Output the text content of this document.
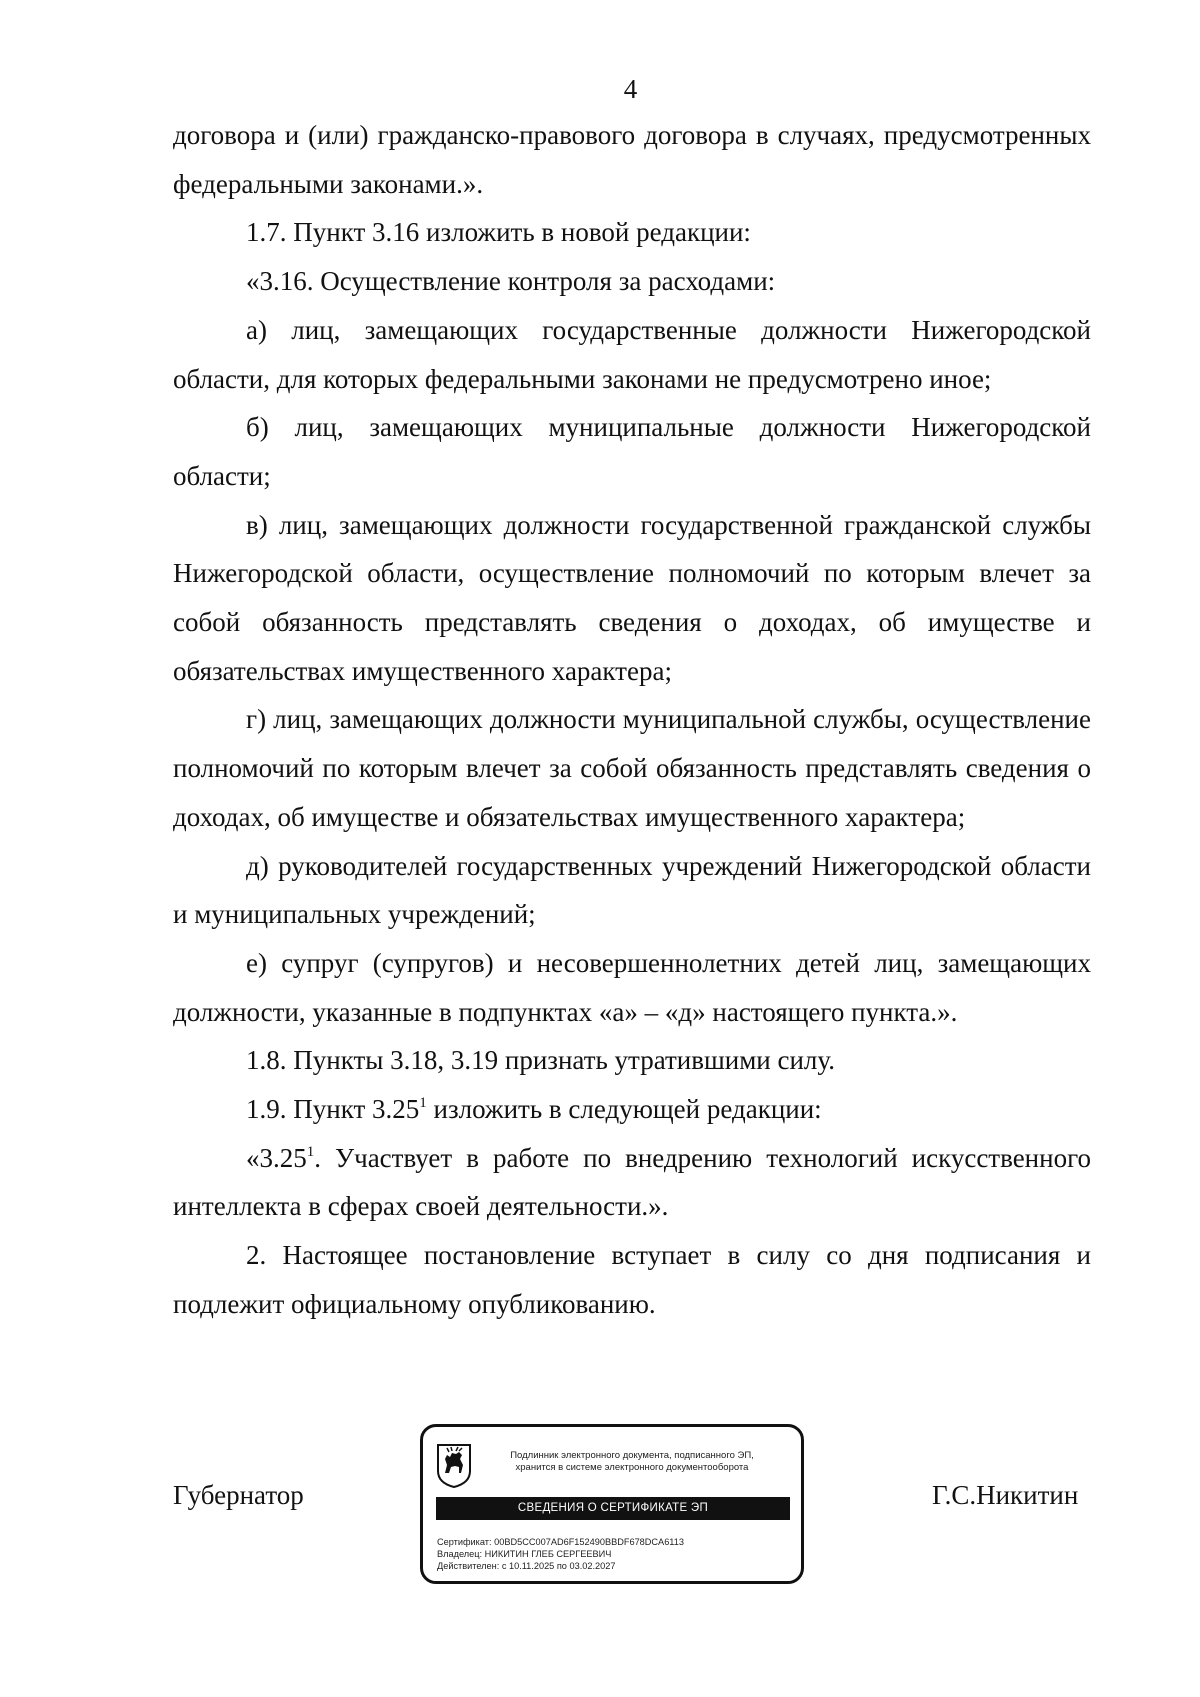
4

договора и (или) гражданско-правового договора в случаях, предусмотренных федеральными законами.».

1.7. Пункт 3.16 изложить в новой редакции:

«3.16. Осуществление контроля за расходами:

а) лиц, замещающих государственные должности Нижегородской области, для которых федеральными законами не предусмотрено иное;

б) лиц, замещающих муниципальные должности Нижегородской области;

в) лиц, замещающих должности государственной гражданской службы Нижегородской области, осуществление полномочий по которым влечет за собой обязанность представлять сведения о доходах, об имуществе и обязательствах имущественного характера;

г) лиц, замещающих должности муниципальной службы, осуществление полномочий по которым влечет за собой обязанность представлять сведения о доходах, об имуществе и обязательствах имущественного характера;

д) руководителей государственных учреждений Нижегородской области и муниципальных учреждений;

е) супруг (супругов) и несовершеннолетних детей лиц, замещающих должности, указанные в подпунктах «а» – «д» настоящего пункта.».

1.8. Пункты 3.18, 3.19 признать утратившими силу.

1.9. Пункт 3.25$^1$ изложить в следующей редакции:

«3.25$^1$. Участвует в работе по внедрению технологий искусственного интеллекта в сферах своей деятельности.».

2. Настоящее постановление вступает в силу со дня подписания и подлежит официальному опубликованию.

Губернатор
Подлинник электронного документа, подписанного ЭП,
хранится в системе электронного документооборота
СВЕДЕНИЯ О СЕРТИФИКАТЕ ЭП
Сертификат: 00BD5CC007AD6F152490BBDF678DCA6113
Владелец: НИКИТИН ГЛЕБ СЕРГЕЕВИЧ
Действителен: с 10.11.2025 по 03.02.2027
Г.С.Никитин
